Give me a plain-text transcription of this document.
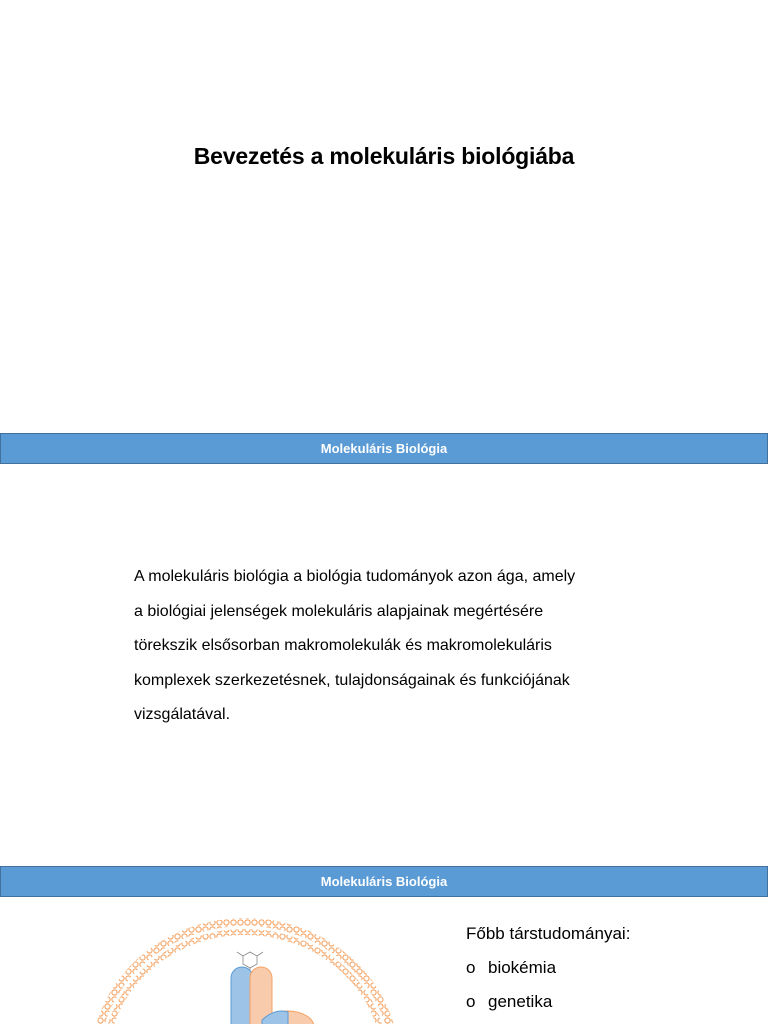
Bevezetés a molekuláris biológiába
Molekuláris Biológia
A molekuláris biológia a biológia tudományok azon ága, amely
a biológiai jelenségek molekuláris alapjainak megértésére
törekszik elsősorban makromolekulák és makromolekuláris
komplexek szerkezetésnek, tulajdonságainak és funkciójának
vizsgálatával.
Molekuláris Biológia
Főbb társtudományai:
o biokémia
o genetika
